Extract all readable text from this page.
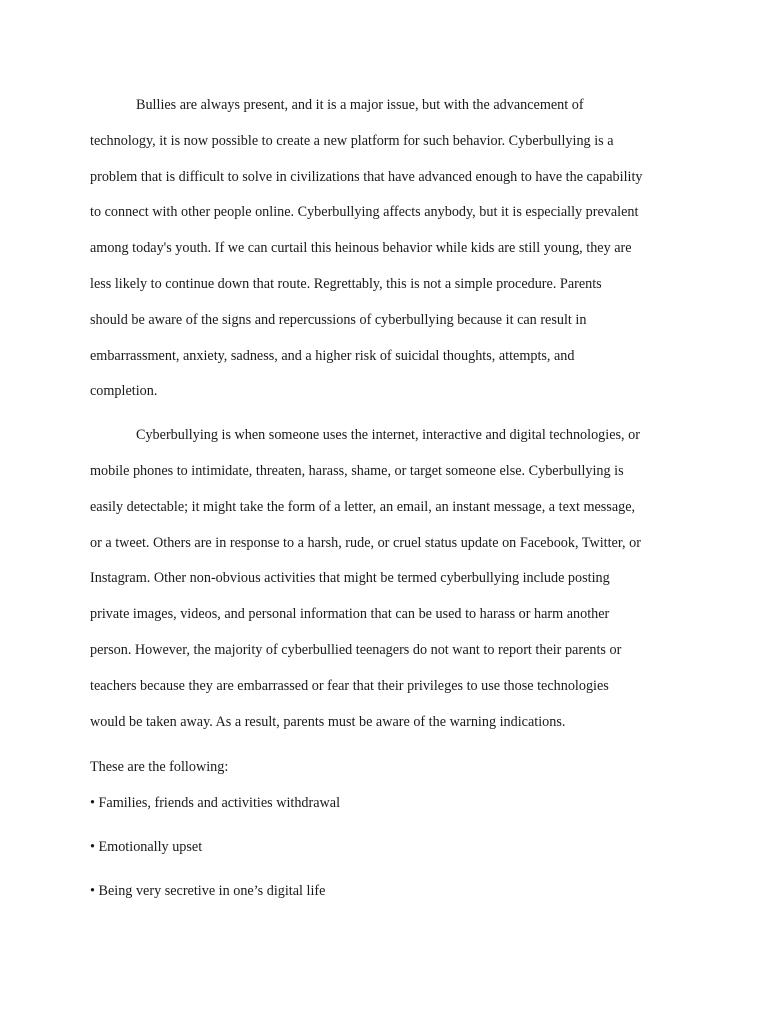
Bullies are always present, and it is a major issue, but with the advancement of
technology, it is now possible to create a new platform for such behavior. Cyberbullying is a
problem that is difficult to solve in civilizations that have advanced enough to have the capability
to connect with other people online. Cyberbullying affects anybody, but it is especially prevalent
among today's youth. If we can curtail this heinous behavior while kids are still young, they are
less likely to continue down that route. Regrettably, this is not a simple procedure. Parents
should be aware of the signs and repercussions of cyberbullying because it can result in
embarrassment, anxiety, sadness, and a higher risk of suicidal thoughts, attempts, and
completion.

Cyberbullying is when someone uses the internet, interactive and digital technologies, or
mobile phones to intimidate, threaten, harass, shame, or target someone else. Cyberbullying is
easily detectable; it might take the form of a letter, an email, an instant message, a text message,
or a tweet. Others are in response to a harsh, rude, or cruel status update on Facebook, Twitter, or
Instagram. Other non-obvious activities that might be termed cyberbullying include posting
private images, videos, and personal information that can be used to harass or harm another
person. However, the majority of cyberbullied teenagers do not want to report their parents or
teachers because they are embarrassed or fear that their privileges to use those technologies
would be taken away. As a result, parents must be aware of the warning indications.

These are the following:

• Families, friends and activities withdrawal
• Emotionally upset
• Being very secretive in one’s digital life
